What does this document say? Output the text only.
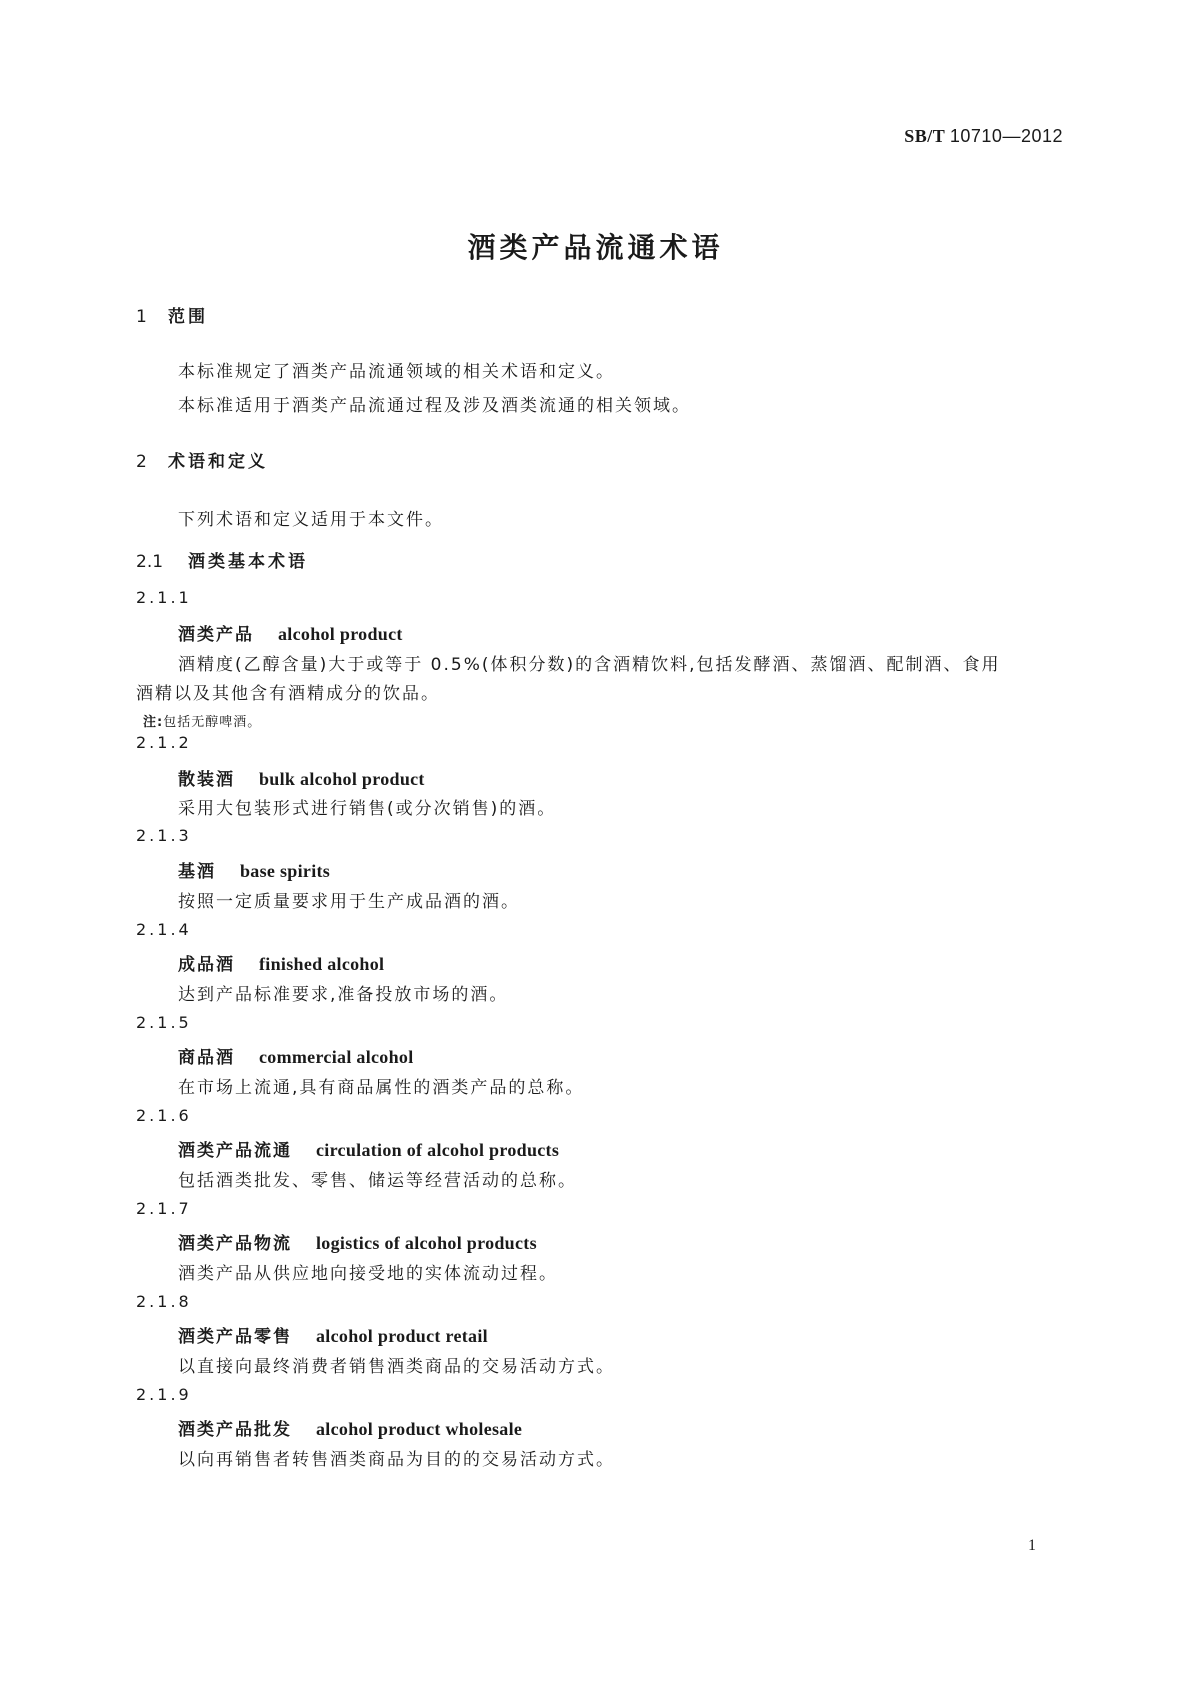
SB/T 10710—2012
酒类产品流通术语
1 范围
本标准规定了酒类产品流通领域的相关术语和定义。
本标准适用于酒类产品流通过程及涉及酒类流通的相关领域。
2 术语和定义
下列术语和定义适用于本文件。
2.1 酒类基本术语
2.1.1
酒类产品 alcohol product
酒精度(乙醇含量)大于或等于 0.5%(体积分数)的含酒精饮料,包括发酵酒、蒸馏酒、配制酒、食用
酒精以及其他含有酒精成分的饮品。
注:包括无醇啤酒。
2.1.2
散装酒 bulk alcohol product
采用大包装形式进行销售(或分次销售)的酒。
2.1.3
基酒 base spirits
按照一定质量要求用于生产成品酒的酒。
2.1.4
成品酒 finished alcohol
达到产品标准要求,准备投放市场的酒。
2.1.5
商品酒 commercial alcohol
在市场上流通,具有商品属性的酒类产品的总称。
2.1.6
酒类产品流通 circulation of alcohol products
包括酒类批发、零售、储运等经营活动的总称。
2.1.7
酒类产品物流 logistics of alcohol products
酒类产品从供应地向接受地的实体流动过程。
2.1.8
酒类产品零售 alcohol product retail
以直接向最终消费者销售酒类商品的交易活动方式。
2.1.9
酒类产品批发 alcohol product wholesale
以向再销售者转售酒类商品为目的的交易活动方式。
1
